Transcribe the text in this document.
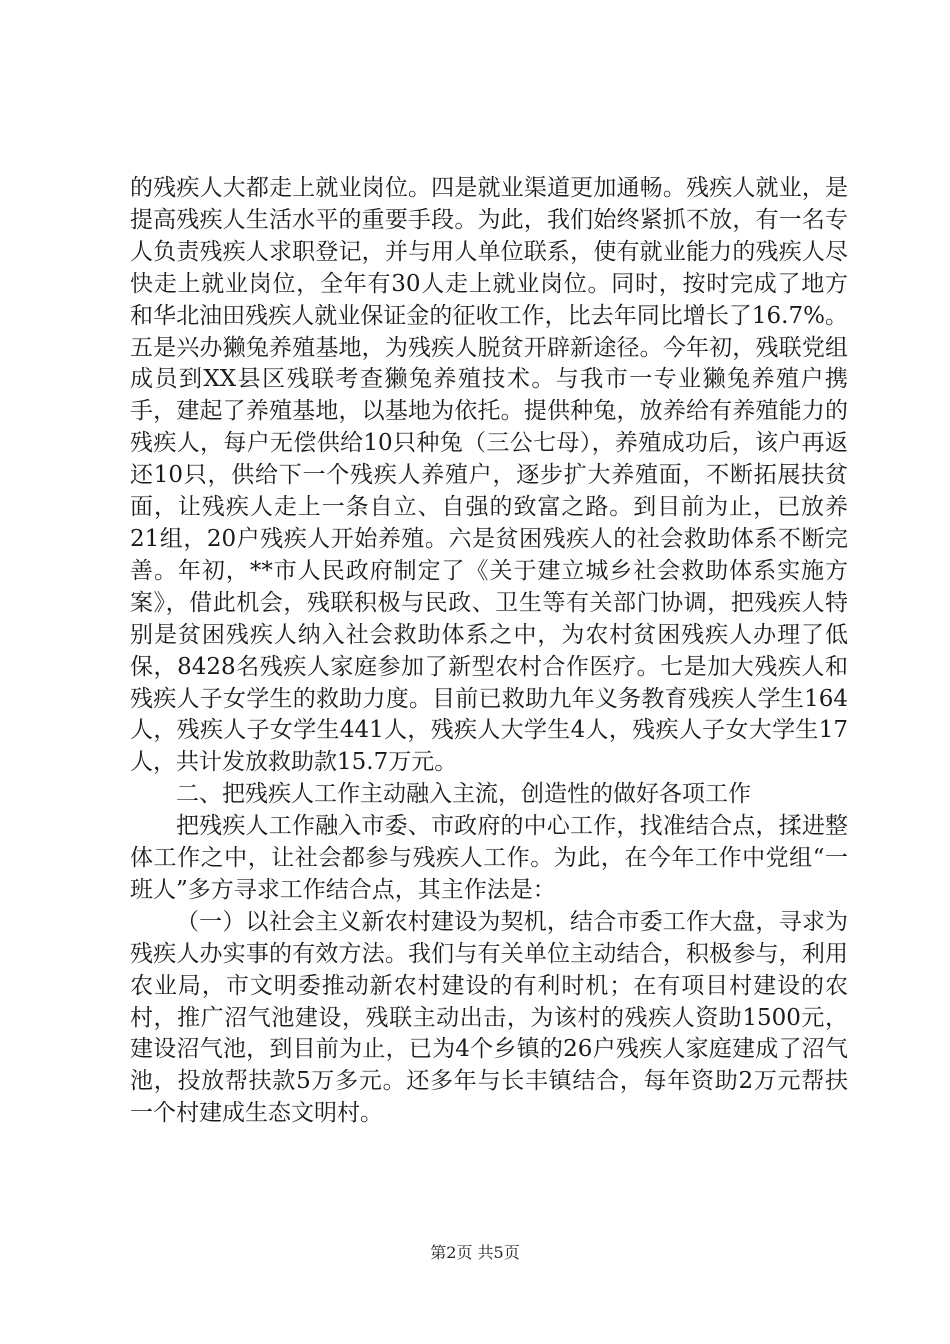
的残疾人大都走上就业岗位。四是就业渠道更加通畅。残疾人就业，是提高残疾人生活水平的重要手段。为此，我们始终紧抓不放，有一名专人负责残疾人求职登记，并与用人单位联系，使有就业能力的残疾人尽快走上就业岗位，全年有30人走上就业岗位。同时，按时完成了地方和华北油田残疾人就业保证金的征收工作，比去年同比增长了16.7%。五是兴办獭兔养殖基地，为残疾人脱贫开辟新途径。今年初，残联党组成员到XX县区残联考查獭兔养殖技术。与我市一专业獭兔养殖户携手，建起了养殖基地，以基地为依托。提供种兔，放养给有养殖能力的残疾人，每户无偿供给10只种兔（三公七母），养殖成功后，该户再返还10只，供给下一个残疾人养殖户，逐步扩大养殖面，不断拓展扶贫面，让残疾人走上一条自立、自强的致富之路。到目前为止，已放养21组，20户残疾人开始养殖。六是贫困残疾人的社会救助体系不断完善。年初，**市人民政府制定了《关于建立城乡社会救助体系实施方案》，借此机会，残联积极与民政、卫生等有关部门协调，把残疾人特别是贫困残疾人纳入社会救助体系之中，为农村贫困残疾人办理了低保，8428名残疾人家庭参加了新型农村合作医疗。七是加大残疾人和残疾人子女学生的救助力度。目前已救助九年义务教育残疾人学生164人，残疾人子女学生441人，残疾人大学生4人，残疾人子女大学生17人，共计发放救助款15.7万元。

二、把残疾人工作主动融入主流，创造性的做好各项工作

把残疾人工作融入市委、市政府的中心工作，找准结合点，揉进整体工作之中，让社会都参与残疾人工作。为此，在今年工作中党组“一班人”多方寻求工作结合点，其主作法是：

（一）以社会主义新农村建设为契机，结合市委工作大盘，寻求为残疾人办实事的有效方法。我们与有关单位主动结合，积极参与，利用农业局，市文明委推动新农村建设的有利时机；在有项目村建设的农村，推广沼气池建设，残联主动出击，为该村的残疾人资助1500元，建设沼气池，到目前为止，已为4个乡镇的26户残疾人家庭建成了沼气池，投放帮扶款5万多元。还多年与长丰镇结合，每年资助2万元帮扶一个村建成生态文明村。

第2页 共5页
